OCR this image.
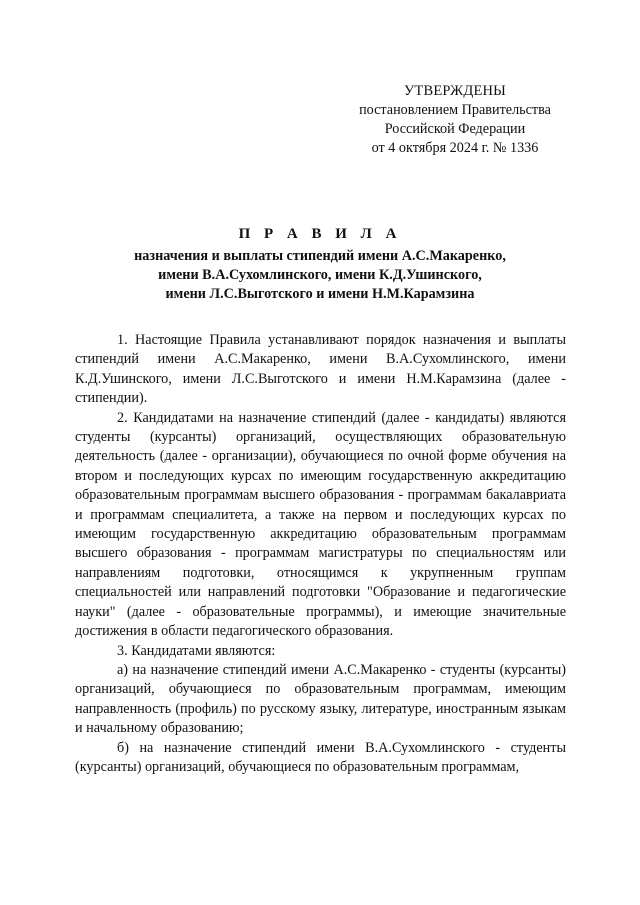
УТВЕРЖДЕНЫ
постановлением Правительства
Российской Федерации
от 4 октября 2024 г. № 1336
П Р А В И Л А
назначения и выплаты стипендий имени А.С.Макаренко,
имени В.А.Сухомлинского, имени К.Д.Ушинского,
имени Л.С.Выготского и имени Н.М.Карамзина

1. Настоящие Правила устанавливают порядок назначения и выплаты стипендий имени А.С.Макаренко, имени В.А.Сухомлинского, имени К.Д.Ушинского, имени Л.С.Выготского и имени Н.М.Карамзина (далее - стипендии).

2. Кандидатами на назначение стипендий (далее - кандидаты) являются студенты (курсанты) организаций, осуществляющих образовательную деятельность (далее - организации), обучающиеся по очной форме обучения на втором и последующих курсах по имеющим государственную аккредитацию образовательным программам высшего образования - программам бакалавриата и программам специалитета, а также на первом и последующих курсах по имеющим государственную аккредитацию образовательным программам высшего образования - программам магистратуры по специальностям или направлениям подготовки, относящимся к укрупненным группам специальностей или направлений подготовки "Образование и педагогические науки" (далее - образовательные программы), и имеющие значительные достижения в области педагогического образования.

3. Кандидатами являются:

а) на назначение стипендий имени А.С.Макаренко - студенты (курсанты) организаций, обучающиеся по образовательным программам, имеющим направленность (профиль) по русскому языку, литературе, иностранным языкам и начальному образованию;

б) на назначение стипендий имени В.А.Сухомлинского - студенты (курсанты) организаций, обучающиеся по образовательным программам,
